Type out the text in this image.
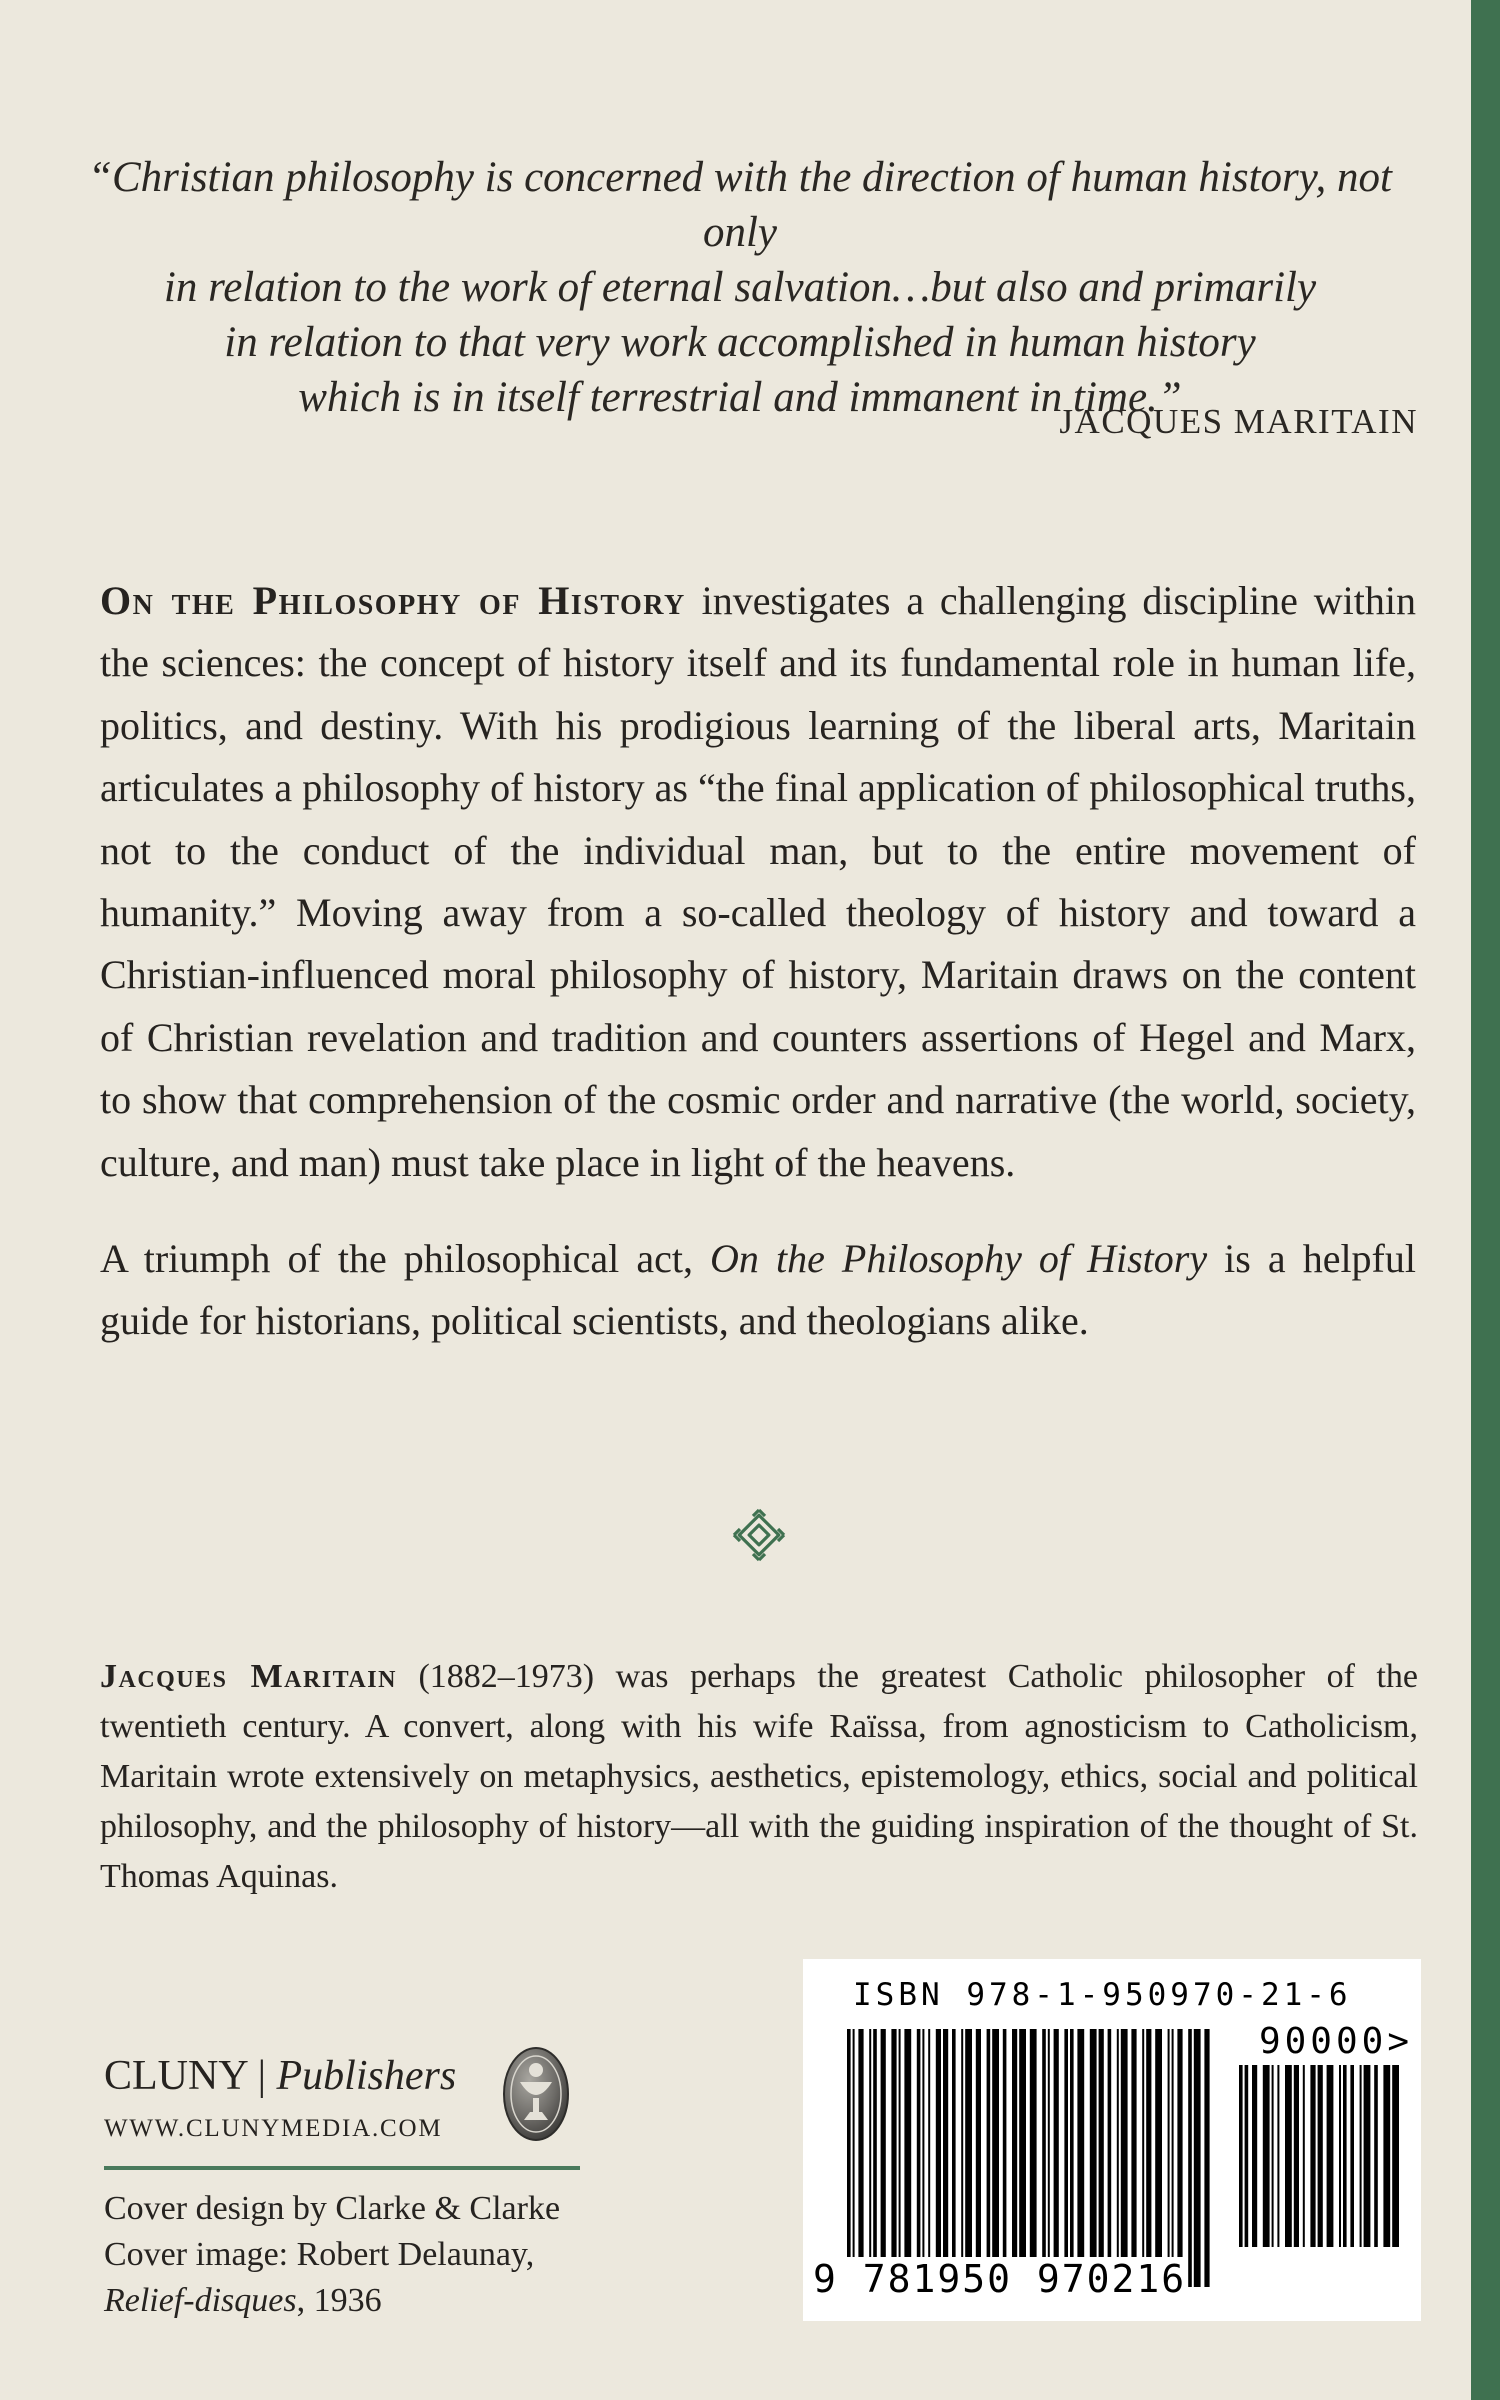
“Christian philosophy is concerned with the direction of human history, not only
in relation to the work of eternal salvation…but also and primarily
in relation to that very work accomplished in human history
which is in itself terrestrial and immanent in time.”
JACQUES MARITAIN

On the Philosophy of History investigates a challenging discipline within the sciences: the concept of history itself and its fundamental role in human life, politics, and destiny. With his prodigious learning of the liberal arts, Maritain articulates a philosophy of history as “the final application of philosophical truths, not to the conduct of the individual man, but to the entire movement of humanity.” Moving away from a so-called theology of history and toward a Christian-influenced moral philosophy of history, Maritain draws on the content of Christian revelation and tradition and counters assertions of Hegel and Marx, to show that comprehension of the cosmic order and narrative (the world, society, culture, and man) must take place in light of the heavens.

A triumph of the philosophical act, On the Philosophy of History is a helpful guide for historians, political scientists, and theologians alike.

Jacques Maritain (1882–1973) was perhaps the greatest Catholic philosopher of the twentieth century. A convert, along with his wife Raïssa, from agnosticism to Catholicism, Maritain wrote extensively on metaphysics, aesthetics, epistemology, ethics, social and political philosophy, and the philosophy of history—all with the guiding inspiration of the thought of St. Thomas Aquinas.

CLUNY | Publishers
WWW.CLUNYMEDIA.COM
Cover design by Clarke & Clarke
Cover image: Robert Delaunay,
Relief-disques, 1936
ISBN 978-1-950970-21-6
90000>
9 781950 970216
